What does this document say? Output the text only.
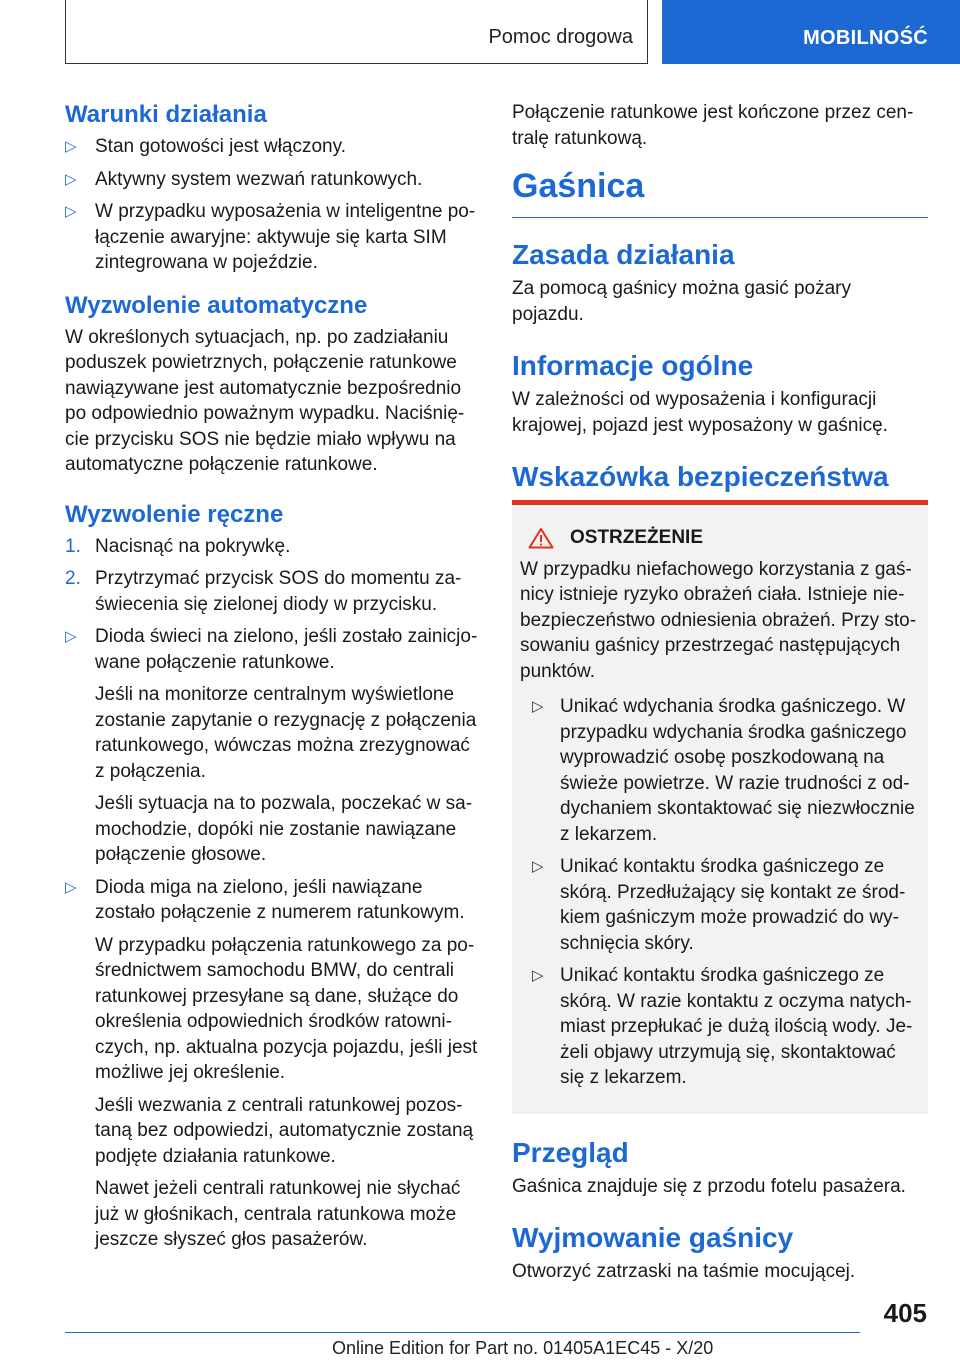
Pomoc drogowa	MOBILNOŚĆ
Warunki działania
▷ Stan gotowości jest włączony.
▷ Aktywny system wezwań ratunkowych.
▷ W przypadku wyposażenia w inteligentne połączenie awaryjne: aktywuje się karta SIM zintegrowana w pojeździe.
Wyzwolenie automatyczne
W określonych sytuacjach, np. po zadziałaniu poduszek powietrznych, połączenie ratunkowe nawiązywane jest automatycznie bezpośrednio po odpowiednio poważnym wypadku. Naciśnięcie przycisku SOS nie będzie miało wpływu na automatyczne połączenie ratunkowe.
Wyzwolenie ręczne
1. Nacisnąć na pokrywkę.
2. Przytrzymać przycisk SOS do momentu zaświecenia się zielonej diody w przycisku.
▷ Dioda świeci na zielono, jeśli zostało zainicjowane połączenie ratunkowe.
Jeśli na monitorze centralnym wyświetlone zostanie zapytanie o rezygnację z połączenia ratunkowego, wówczas można zrezygnować z połączenia.
Jeśli sytuacja na to pozwala, poczekać w samochodzie, dopóki nie zostanie nawiązane połączenie głosowe.
▷ Dioda miga na zielono, jeśli nawiązane zostało połączenie z numerem ratunkowym.
W przypadku połączenia ratunkowego za pośrednictwem samochodu BMW, do centrali ratunkowej przesyłane są dane, służące do określenia odpowiednich środków ratowniczych, np. aktualna pozycja pojazdu, jeśli jest możliwe jej określenie.
Jeśli wezwania z centrali ratunkowej pozostaną bez odpowiedzi, automatycznie zostaną podjęte działania ratunkowe.
Nawet jeżeli centrali ratunkowej nie słychać już w głośnikach, centrala ratunkowa może jeszcze słyszeć głos pasażerów.
Połączenie ratunkowe jest kończone przez centralę ratunkową.
Gaśnica
Zasada działania
Za pomocą gaśnicy można gasić pożary pojazdu.
Informacje ogólne
W zależności od wyposażenia i konfiguracji krajowej, pojazd jest wyposażony w gaśnicę.
Wskazówka bezpieczeństwa
OSTRZEŻENIE
W przypadku niefachowego korzystania z gaśnicy istnieje ryzyko obrażeń ciała. Istnieje niebezpieczeństwo odniesienia obrażeń. Przy stosowaniu gaśnicy przestrzegać następujących punktów.
▷ Unikać wdychania środka gaśniczego. W przypadku wdychania środka gaśniczego wyprowadzić osobę poszkodowaną na świeże powietrze. W razie trudności z oddychaniem skontaktować się niezwłocznie z lekarzem.
▷ Unikać kontaktu środka gaśniczego ze skórą. Przedłużający się kontakt ze środkiem gaśniczym może prowadzić do wyschnięcia skóry.
▷ Unikać kontaktu środka gaśniczego ze skórą. W razie kontaktu z oczyma natychmiast przepłukać je dużą ilością wody. Jeżeli objawy utrzymują się, skontaktować się z lekarzem.
Przegląd
Gaśnica znajduje się z przodu fotelu pasażera.
Wyjmowanie gaśnicy
Otworzyć zatrzaski na taśmie mocującej.
405
Online Edition for Part no. 01405A1EC45 - X/20
